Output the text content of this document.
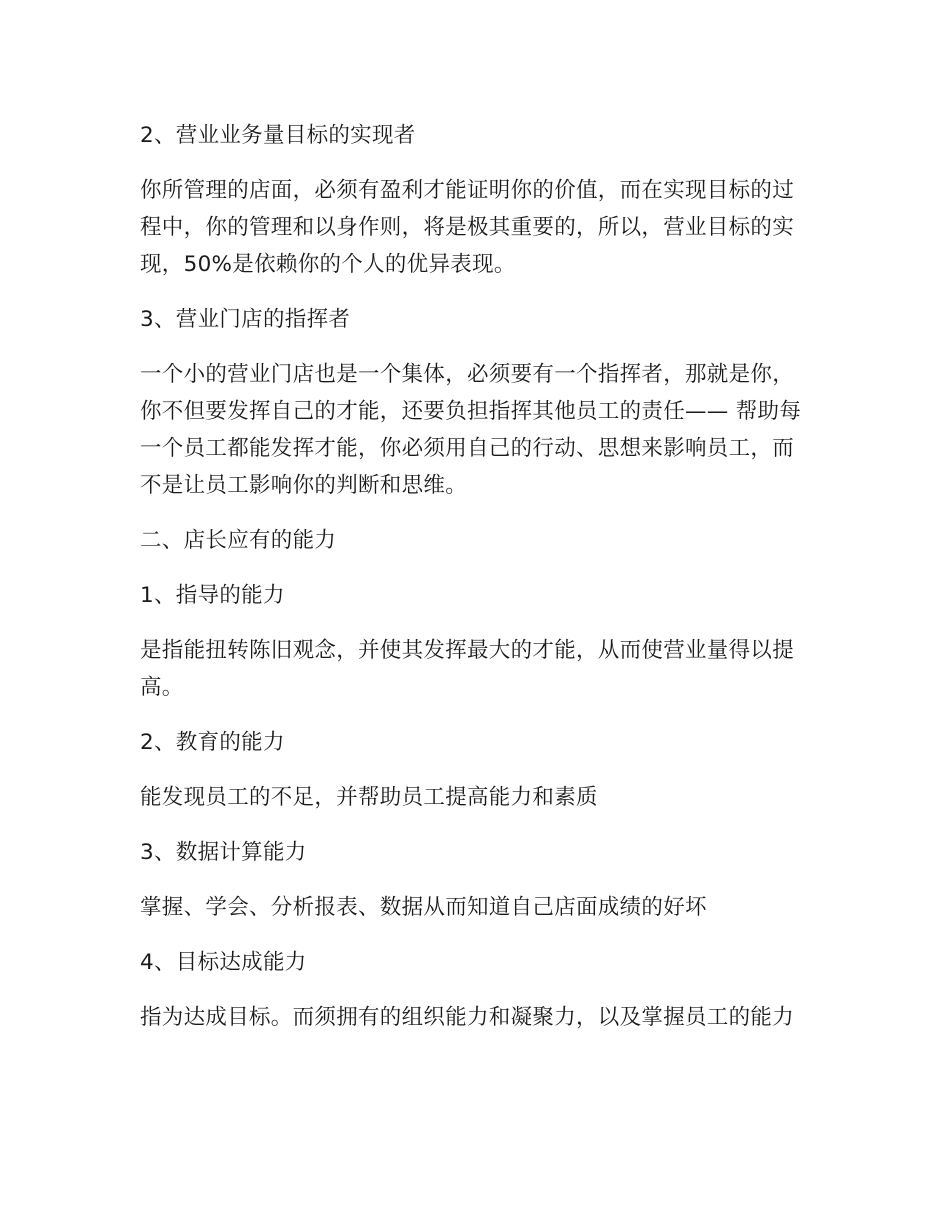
2、营业业务量目标的实现者

你所管理的店面，必须有盈利才能证明你的价值，而在实现目标的过程中，你的管理和以身作则，将是极其重要的，所以，营业目标的实现，50%是依赖你的个人的优异表现。

3、营业门店的指挥者

一个小的营业门店也是一个集体，必须要有一个指挥者，那就是你，你不但要发挥自己的才能，还要负担指挥其他员工的责任—— 帮助每一个员工都能发挥才能，你必须用自己的行动、思想来影响员工，而不是让员工影响你的判断和思维。

二、店长应有的能力

1、指导的能力

是指能扭转陈旧观念，并使其发挥最大的才能，从而使营业量得以提高。

2、教育的能力

能发现员工的不足，并帮助员工提高能力和素质

3、数据计算能力

掌握、学会、分析报表、数据从而知道自己店面成绩的好坏

4、目标达成能力

指为达成目标。而须拥有的组织能力和凝聚力，以及掌握员工的能力
